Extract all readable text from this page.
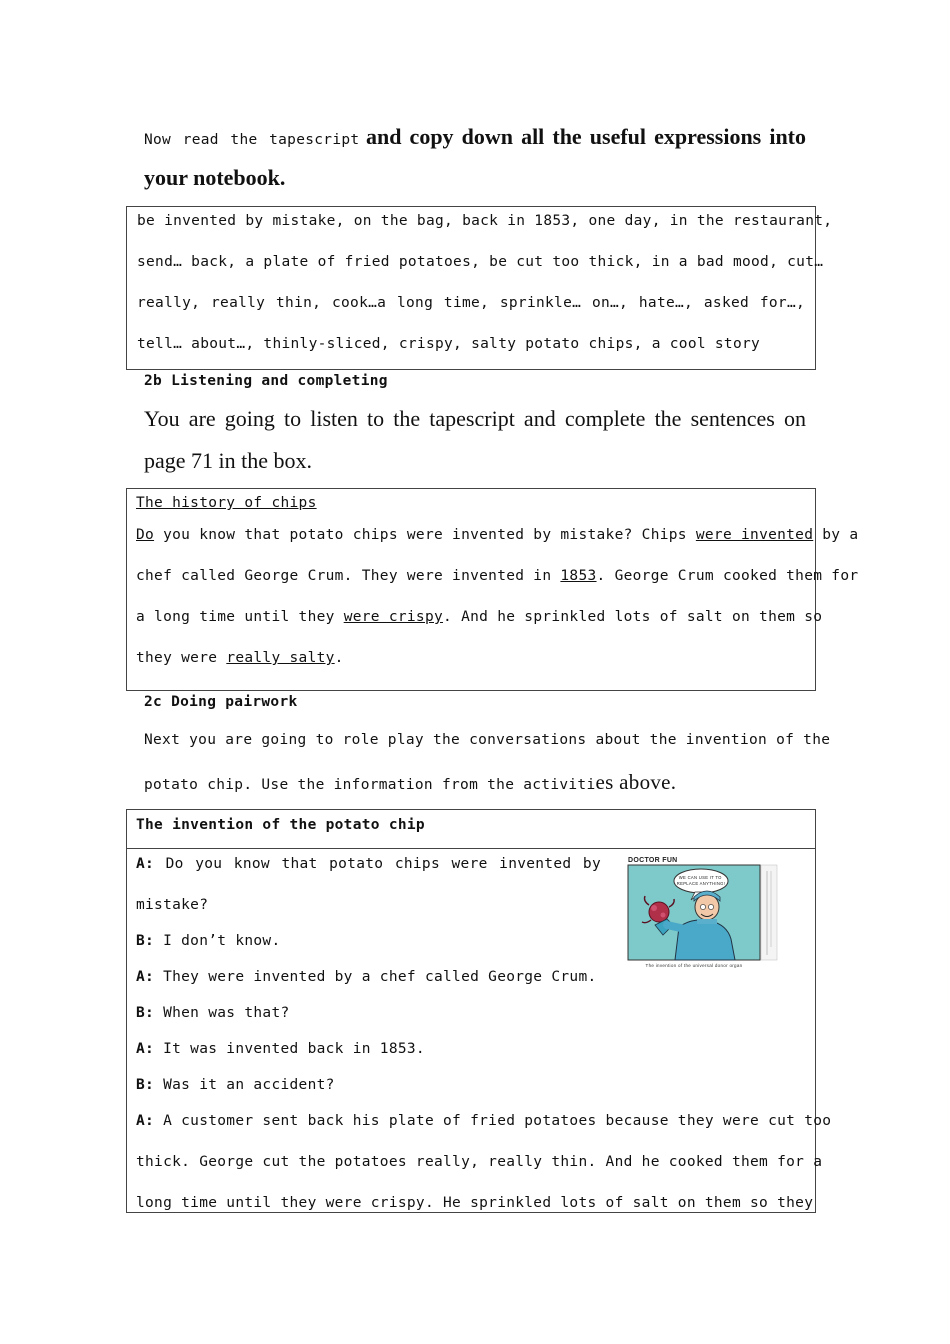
Now read the tapescript and copy down all the useful expressions into your notebook.
be invented by mistake, on the bag, back in 1853, one day, in the restaurant,
send… back, a plate of fried potatoes, be cut too thick, in a bad mood, cut…
really, really thin, cook…a long time, sprinkle… on…, hate…, asked for…,
tell… about…, thinly-sliced, crispy, salty potato chips, a cool story
2b Listening and completing
You are going to listen to the tapescript and complete the sentences on page 71 in the box.
The history of chips
Do you know that potato chips were invented by mistake? Chips were invented by a
chef called George Crum. They were invented in 1853. George Crum cooked them for
a long time until they were crispy. And he sprinkled lots of salt on them so
they were really salty.
2c Doing pairwork
Next you are going to role play the conversations about the invention of the
potato chip. Use the information from the activities above.
The invention of the potato chip
A: Do you know that potato chips were invented by
mistake?
B: I don’t know.
A: They were invented by a chef called George Crum.
B: When was that?
A: It was invented back in 1853.
B: Was it an accident?
A: A customer sent back his plate of fried potatoes because they were cut too
thick. George cut the potatoes really, really thin. And he cooked them for a
long time until they were crispy. He sprinkled lots of salt on them so they
DOCTOR FUN
WE CAN USE IT TO REPLACE ANYTHING!
The invention of the universal donor organ
